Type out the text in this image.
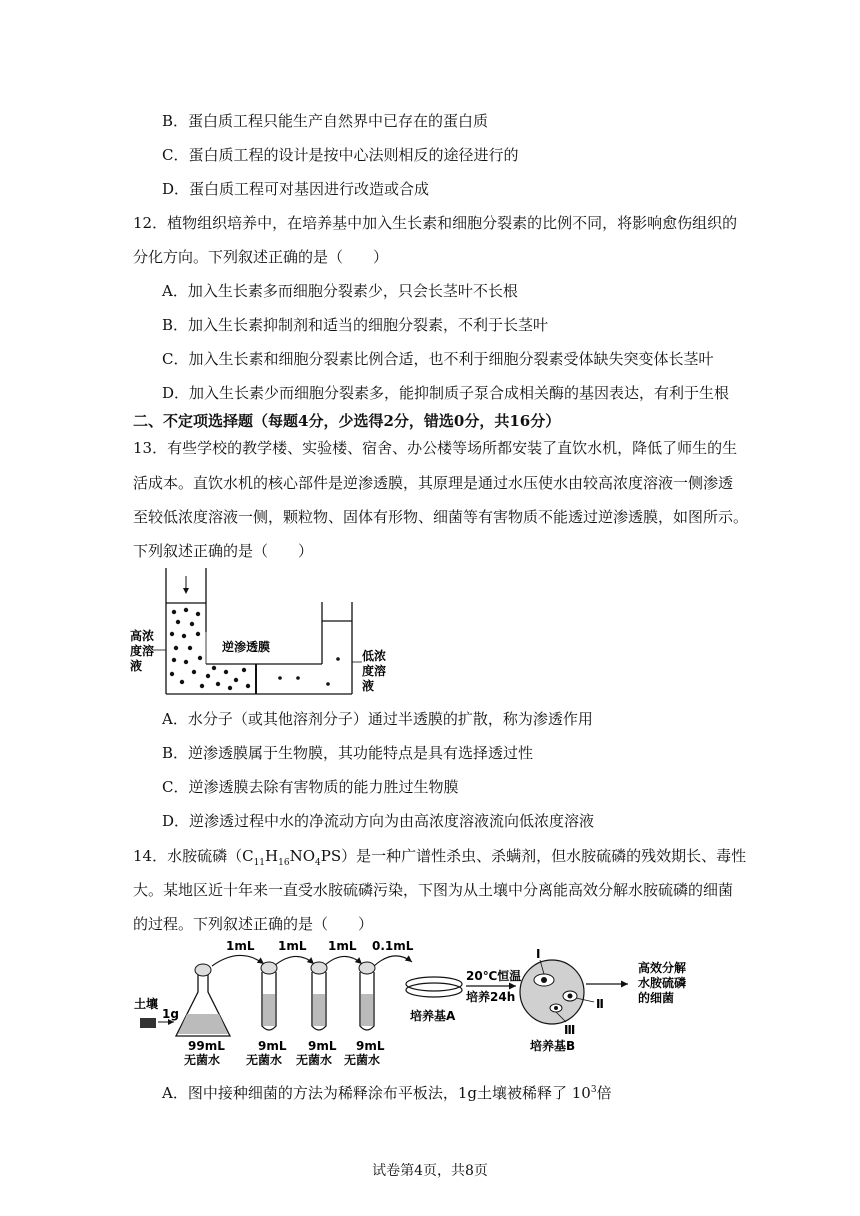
B．蛋白质工程只能生产自然界中已存在的蛋白质
C．蛋白质工程的设计是按中心法则相反的途径进行的
D．蛋白质工程可对基因进行改造或合成
12．植物组织培养中，在培养基中加入生长素和细胞分裂素的比例不同，将影响愈伤组织的
分化方向。下列叙述正确的是（　　）
A．加入生长素多而细胞分裂素少，只会长茎叶不长根
B．加入生长素抑制剂和适当的细胞分裂素，不利于长茎叶
C．加入生长素和细胞分裂素比例合适，也不利于细胞分裂素受体缺失突变体长茎叶
D．加入生长素少而细胞分裂素多，能抑制质子泵合成相关酶的基因表达，有利于生根
二、不定项选择题（每题4分，少选得2分，错选0分，共16分）
13．有些学校的教学楼、实验楼、宿舍、办公楼等场所都安装了直饮水机，降低了师生的生
活成本。直饮水机的核心部件是逆渗透膜，其原理是通过水压使水由较高浓度溶液一侧渗透
至较低浓度溶液一侧，颗粒物、固体有形物、细菌等有害物质不能透过逆渗透膜，如图所示。
下列叙述正确的是（　　）
高浓
度溶
液
逆渗透膜
低浓
度溶
液
A．水分子（或其他溶剂分子）通过半透膜的扩散，称为渗透作用
B．逆渗透膜属于生物膜，其功能特点是具有选择透过性
C．逆渗透膜去除有害物质的能力胜过生物膜
D．逆渗透过程中水的净流动方向为由高浓度溶液流向低浓度溶液
14．水胺硫磷$(C_{11}H_{16}NO_4PS)$是一种广谱性杀虫、杀螨剂，但水胺硫磷的残效期长、毒性
大。某地区近十年来一直受水胺硫磷污染，下图为从土壤中分离能高效分解水胺硫磷的细菌
的过程。下列叙述正确的是（　　）
1mL 1mL 1mL 0.1mL
土壤
1g
99mL
无菌水
9mL
无菌水
9mL
无菌水
9mL
无菌水
培养基A
20℃恒温
培养24h
Ⅰ
Ⅱ
Ⅲ
培养基B
高效分解
水胺硫磷
的细菌
A．图中接种细菌的方法为稀释涂布平板法，1g土壤被稀释了 $10^3$倍
试卷第4页，共8页
